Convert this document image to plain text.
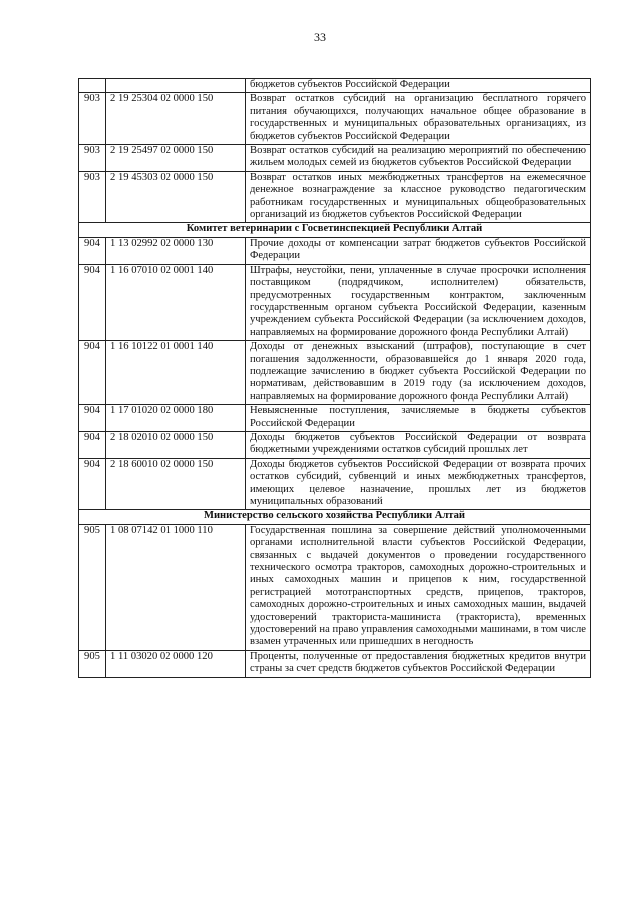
33
		бюджетов субъектов Российской Федерации
903	2 19 25304 02 0000 150	Возврат остатков субсидий на организацию бесплатного горячего питания обучающихся, получающих начальное общее образование в государственных и муниципальных образовательных организациях, из бюджетов субъектов Российской Федерации
903	2 19 25497 02 0000 150	Возврат остатков субсидий на реализацию мероприятий по обеспечению жильем молодых семей из бюджетов субъектов Российской Федерации
903	2 19 45303 02 0000 150	Возврат остатков иных межбюджетных трансфертов на ежемесячное денежное вознаграждение за классное руководство педагогическим работникам государственных и муниципальных общеобразовательных организаций из бюджетов субъектов Российской Федерации
Комитет ветеринарии с Госветинспекцией Республики Алтай		
904	1 13 02992 02 0000 130	Прочие доходы от компенсации затрат бюджетов субъектов Российской Федерации
904	1 16 07010 02 0001 140	Штрафы, неустойки, пени, уплаченные в случае просрочки исполнения поставщиком (подрядчиком, исполнителем) обязательств, предусмотренных государственным контрактом, заключенным государственным органом субъекта Российской Федерации, казенным учреждением субъекта Российской Федерации (за исключением доходов, направляемых на формирование дорожного фонда Республики Алтай)
904	1 16 10122 01 0001 140	Доходы от денежных взысканий (штрафов), поступающие в счет погашения задолженности, образовавшейся до 1 января 2020 года, подлежащие зачислению в бюджет субъекта Российской Федерации по нормативам, действовавшим в 2019 году (за исключением доходов, направляемых на формирование дорожного фонда Республики Алтай)
904	1 17 01020 02 0000 180	Невыясненные поступления, зачисляемые в бюджеты субъектов Российской Федерации
904	2 18 02010 02 0000 150	Доходы бюджетов субъектов Российской Федерации от возврата бюджетными учреждениями остатков субсидий прошлых лет
904	2 18 60010 02 0000 150	Доходы бюджетов субъектов Российской Федерации от возврата прочих остатков субсидий, субвенций и иных межбюджетных трансфертов, имеющих целевое назначение, прошлых лет из бюджетов муниципальных образований
Министерство сельского хозяйства Республики Алтай		
905	1 08 07142 01 1000 110	Государственная пошлина за совершение действий уполномоченными органами исполнительной власти субъектов Российской Федерации, связанных с выдачей документов о проведении государственного технического осмотра тракторов, самоходных дорожно-строительных и иных самоходных машин и прицепов к ним, государственной регистрацией мототранспортных средств, прицепов, тракторов, самоходных дорожно-строительных и иных самоходных машин, выдачей удостоверений тракториста-машиниста (тракториста), временных удостоверений на право управления самоходными машинами, в том числе взамен утраченных или пришедших в негодность
905	1 11 03020 02 0000 120	Проценты, полученные от предоставления бюджетных кредитов внутри страны за счет средств бюджетов субъектов Российской Федерации
